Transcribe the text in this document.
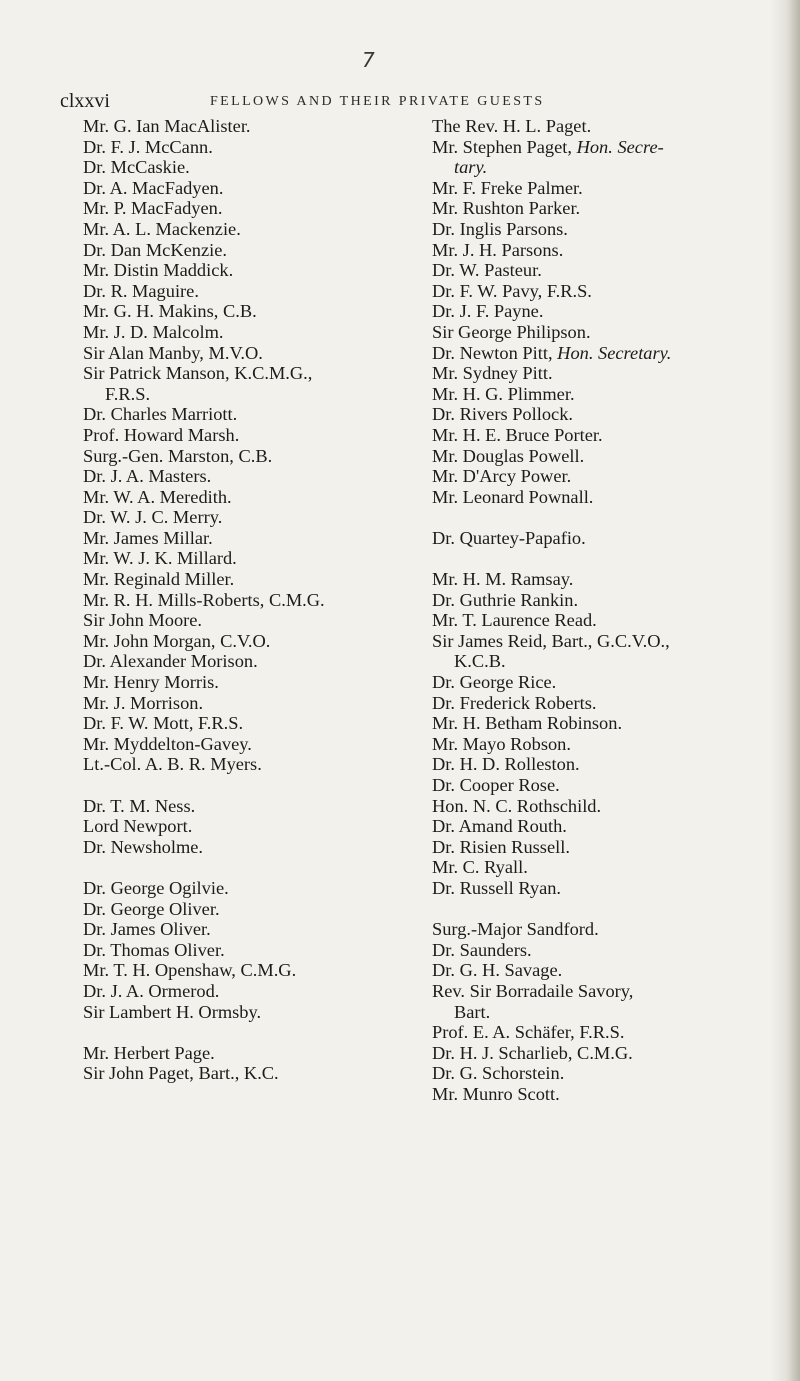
7
clxxvi	FELLOWS AND THEIR PRIVATE GUESTS
Mr. G. Ian MacAlister.
Dr. F. J. McCann.
Dr. McCaskie.
Dr. A. MacFadyen.
Mr. P. MacFadyen.
Mr. A. L. Mackenzie.
Dr. Dan McKenzie.
Mr. Distin Maddick.
Dr. R. Maguire.
Mr. G. H. Makins, C.B.
Mr. J. D. Malcolm.
Sir Alan Manby, M.V.O.
Sir Patrick Manson, K.C.M.G.,
F.R.S.
Dr. Charles Marriott.
Prof. Howard Marsh.
Surg.-Gen. Marston, C.B.
Dr. J. A. Masters.
Mr. W. A. Meredith.
Dr. W. J. C. Merry.
Mr. James Millar.
Mr. W. J. K. Millard.
Mr. Reginald Miller.
Mr. R. H. Mills-Roberts, C.M.G.
Sir John Moore.
Mr. John Morgan, C.V.O.
Dr. Alexander Morison.
Mr. Henry Morris.
Mr. J. Morrison.
Dr. F. W. Mott, F.R.S.
Mr. Myddelton-Gavey.
Lt.-Col. A. B. R. Myers.
Dr. T. M. Ness.
Lord Newport.
Dr. Newsholme.
Dr. George Ogilvie.
Dr. George Oliver.
Dr. James Oliver.
Dr. Thomas Oliver.
Mr. T. H. Openshaw, C.M.G.
Dr. J. A. Ormerod.
Sir Lambert H. Ormsby.
Mr. Herbert Page.
Sir John Paget, Bart., K.C.
The Rev. H. L. Paget.
Mr. Stephen Paget, Hon. Secre-
tary.
Mr. F. Freke Palmer.
Mr. Rushton Parker.
Dr. Inglis Parsons.
Mr. J. H. Parsons.
Dr. W. Pasteur.
Dr. F. W. Pavy, F.R.S.
Dr. J. F. Payne.
Sir George Philipson.
Dr. Newton Pitt, Hon. Secretary.
Mr. Sydney Pitt.
Mr. H. G. Plimmer.
Dr. Rivers Pollock.
Mr. H. E. Bruce Porter.
Mr. Douglas Powell.
Mr. D'Arcy Power.
Mr. Leonard Pownall.
Dr. Quartey-Papafio.
Mr. H. M. Ramsay.
Dr. Guthrie Rankin.
Mr. T. Laurence Read.
Sir James Reid, Bart., G.C.V.O.,
K.C.B.
Dr. George Rice.
Dr. Frederick Roberts.
Mr. H. Betham Robinson.
Mr. Mayo Robson.
Dr. H. D. Rolleston.
Dr. Cooper Rose.
Hon. N. C. Rothschild.
Dr. Amand Routh.
Dr. Risien Russell.
Mr. C. Ryall.
Dr. Russell Ryan.
Surg.-Major Sandford.
Dr. Saunders.
Dr. G. H. Savage.
Rev. Sir Borradaile Savory,
Bart.
Prof. E. A. Schäfer, F.R.S.
Dr. H. J. Scharlieb, C.M.G.
Dr. G. Schorstein.
Mr. Munro Scott.
